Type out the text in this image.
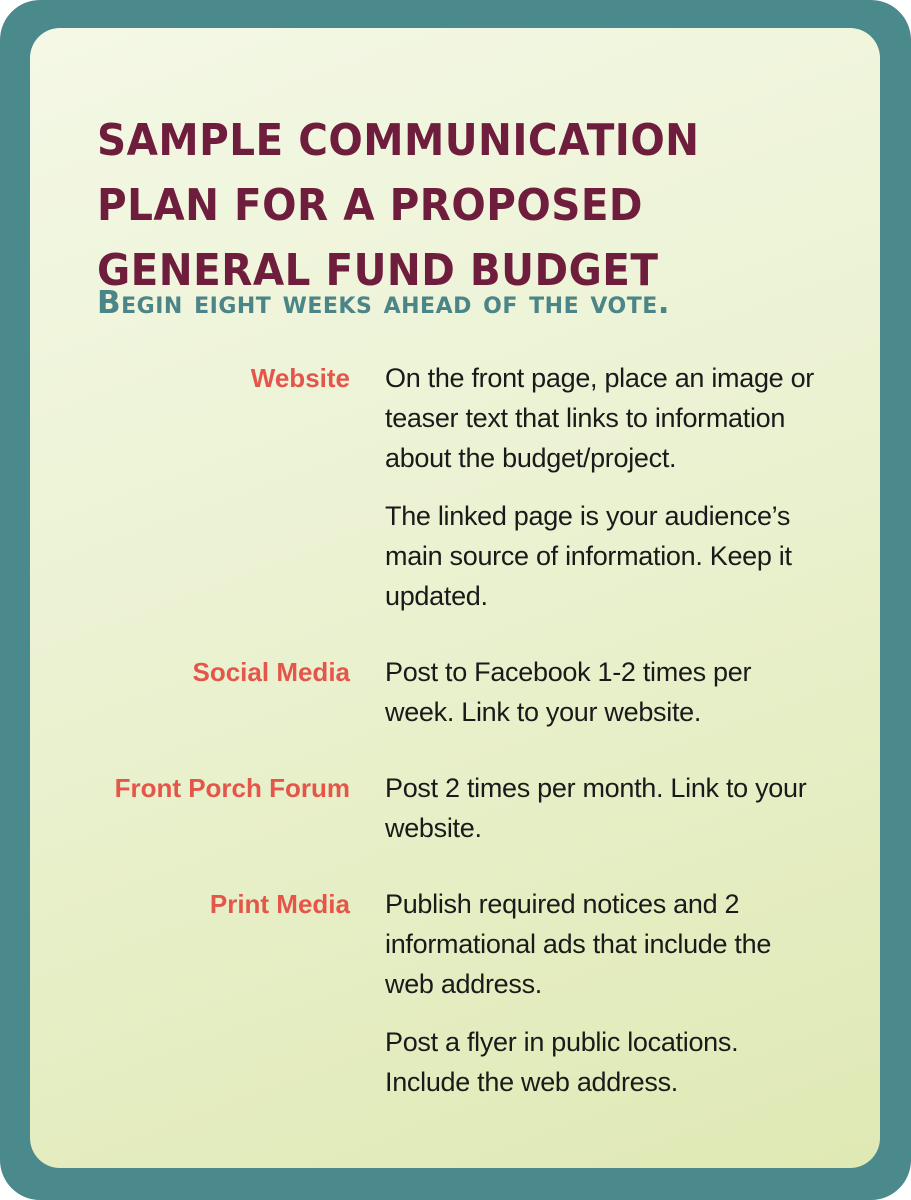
SAMPLE COMMUNICATION PLAN FOR A PROPOSED GENERAL FUND BUDGET
Begin eight weeks ahead of the vote.
Website On the front page, place an image or teaser text that links to information about the budget/project.

The linked page is your audience’s main source of information. Keep it updated.

Social Media Post to Facebook 1-2 times per week. Link to your website.

Front Porch Forum Post 2 times per month. Link to your website.

Print Media Publish required notices and 2 informational ads that include the web address.

Post a flyer in public locations. Include the web address.
